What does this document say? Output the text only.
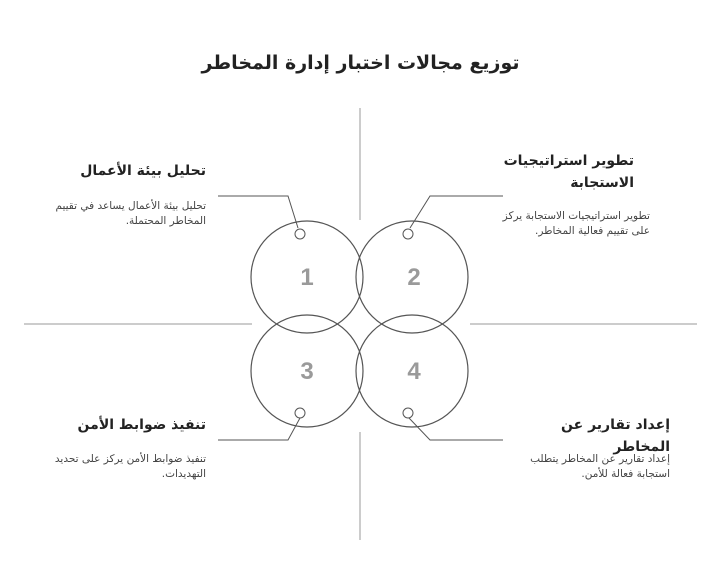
توزيع مجالات اختبار إدارة المخاطر
1	2
3	4
تحليل بيئة الأعمال
تحليل بيئة الأعمال يساعد في تقييم المخاطر المحتملة.
تطوير استراتيجيات الاستجابة
تطوير استراتيجيات الاستجابة يركز على تقييم فعالية المخاطر.
تنفيذ ضوابط الأمن
تنفيذ ضوابط الأمن يركز على تحديد التهديدات.
إعداد تقارير عن المخاطر
إعداد تقارير عن المخاطر يتطلب استجابة فعالة للأمن.
